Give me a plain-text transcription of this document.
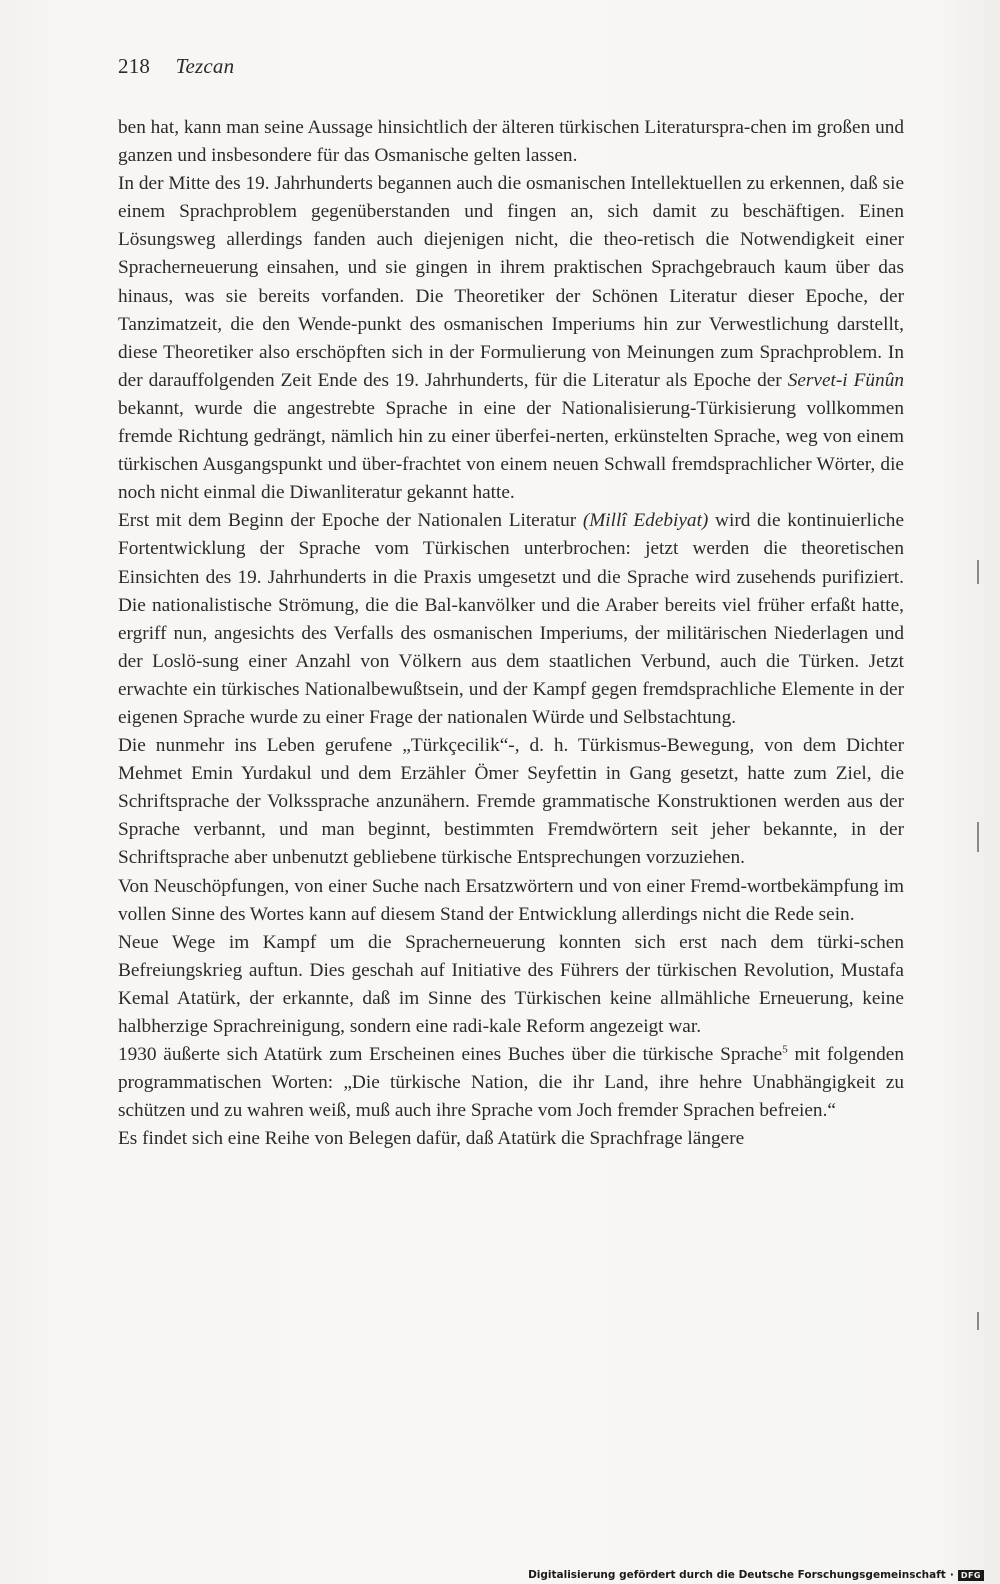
218 Tezcan

ben hat, kann man seine Aussage hinsichtlich der älteren türkischen Literaturspra-chen im großen und ganzen und insbesondere für das Osmanische gelten lassen.

In der Mitte des 19. Jahrhunderts begannen auch die osmanischen Intellektuellen zu erkennen, daß sie einem Sprachproblem gegenüberstanden und fingen an, sich damit zu beschäftigen. Einen Lösungsweg allerdings fanden auch diejenigen nicht, die theo-retisch die Notwendigkeit einer Spracherneuerung einsahen, und sie gingen in ihrem praktischen Sprachgebrauch kaum über das hinaus, was sie bereits vorfanden. Die Theoretiker der Schönen Literatur dieser Epoche, der Tanzimatzeit, die den Wende-punkt des osmanischen Imperiums hin zur Verwestlichung darstellt, diese Theoretiker also erschöpften sich in der Formulierung von Meinungen zum Sprachproblem. In der darauffolgenden Zeit Ende des 19. Jahrhunderts, für die Literatur als Epoche der Servet-i Fünûn bekannt, wurde die angestrebte Sprache in eine der Nationalisierung-Türkisierung vollkommen fremde Richtung gedrängt, nämlich hin zu einer überfei-nerten, erkünstelten Sprache, weg von einem türkischen Ausgangspunkt und über-frachtet von einem neuen Schwall fremdsprachlicher Wörter, die noch nicht einmal die Diwanliteratur gekannt hatte.

Erst mit dem Beginn der Epoche der Nationalen Literatur (Millî Edebiyat) wird die kontinuierliche Fortentwicklung der Sprache vom Türkischen unterbrochen: jetzt werden die theoretischen Einsichten des 19. Jahrhunderts in die Praxis umgesetzt und die Sprache wird zusehends purifiziert. Die nationalistische Strömung, die die Bal-kanvölker und die Araber bereits viel früher erfaßt hatte, ergriff nun, angesichts des Verfalls des osmanischen Imperiums, der militärischen Niederlagen und der Loslö-sung einer Anzahl von Völkern aus dem staatlichen Verbund, auch die Türken. Jetzt erwachte ein türkisches Nationalbewußtsein, und der Kampf gegen fremdsprachliche Elemente in der eigenen Sprache wurde zu einer Frage der nationalen Würde und Selbstachtung.

Die nunmehr ins Leben gerufene „Türkçecilik“-, d. h. Türkismus-Bewegung, von dem Dichter Mehmet Emin Yurdakul und dem Erzähler Ömer Seyfettin in Gang gesetzt, hatte zum Ziel, die Schriftsprache der Volkssprache anzunähern. Fremde grammatische Konstruktionen werden aus der Sprache verbannt, und man beginnt, bestimmten Fremdwörtern seit jeher bekannte, in der Schriftsprache aber unbenutzt gebliebene türkische Entsprechungen vorzuziehen.

Von Neuschöpfungen, von einer Suche nach Ersatzwörtern und von einer Fremd-wortbekämpfung im vollen Sinne des Wortes kann auf diesem Stand der Entwicklung allerdings nicht die Rede sein.

Neue Wege im Kampf um die Spracherneuerung konnten sich erst nach dem türki-schen Befreiungskrieg auftun. Dies geschah auf Initiative des Führers der türkischen Revolution, Mustafa Kemal Atatürk, der erkannte, daß im Sinne des Türkischen keine allmähliche Erneuerung, keine halbherzige Sprachreinigung, sondern eine radi-kale Reform angezeigt war.

1930 äußerte sich Atatürk zum Erscheinen eines Buches über die türkische Sprache$^5$ mit folgenden programmatischen Worten: „Die türkische Nation, die ihr Land, ihre hehre Unabhängigkeit zu schützen und zu wahren weiß, muß auch ihre Sprache vom Joch fremder Sprachen befreien.“

Es findet sich eine Reihe von Belegen dafür, daß Atatürk die Sprachfrage längere

Digitalisierung gefördert durch die Deutsche Forschungsgemeinschaft · DFG
